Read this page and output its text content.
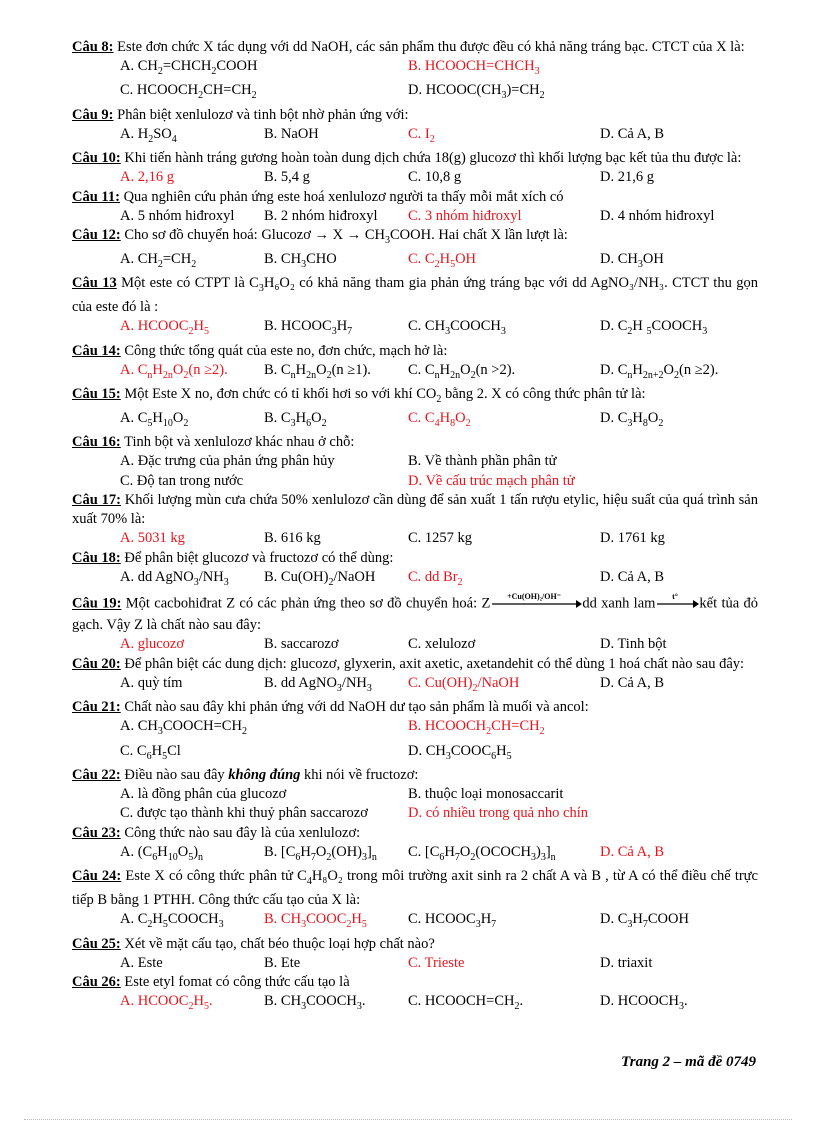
Câu 8: Este đơn chức X tác dụng với dd NaOH, các sản phẩm thu được đều có khả năng tráng bạc. CTCT của X là:
A. $CH_2=CHCH_2COOH$	B. $HCOOCH=CHCH_3$
C. $HCOOCH_2CH=CH_2$	D. $HCOOC(CH_3)=CH_2$
Câu 9: Phân biệt xenlulozơ và tinh bột nhờ phản ứng với:
A. $H_2SO_4$	B. NaOH	C. $I_2$	D. Cả A, B
Câu 10: Khi tiến hành tráng gương hoàn toàn dung dịch chứa 18(g) glucozơ thì khối lượng bạc kết tủa thu được là:
A. 2,16 g	B. 5,4 g	C. 10,8 g	D. 21,6 g
Câu 11: Qua nghiên cứu phản ứng este hoá xenlulozơ người ta thấy mỗi mắt xích có
A. 5 nhóm hiđroxyl	B. 2 nhóm hiđroxyl	C. 3 nhóm hiđroxyl	D. 4 nhóm hiđroxyl
Câu 12: Cho sơ đồ chuyển hoá: Glucozơ → $X \to CH_3COOH$. Hai chất X lần lượt là:
A. $CH_2=CH_2$	B. $CH_3CHO$	C. $C_2H_5OH$	D. $CH_3OH$
Câu 13 Một este có CTPT là $C_3H_6O_2$ có khả năng tham gia phản ứng tráng bạc với dd AgNO₃/NH₃. CTCT thu gọn của este đó là :
A. $HCOOC_2H_5$	B. $HCOOC_3H_7$	C. $CH_3COOCH_3$	D. $C_2H$ $_5COOCH_3$
Câu 14: Công thức tổng quát của este no, đơn chức, mạch hở là:
A. $C_nH_{2n}O_2(n \ge 2)$.	B. $C_nH_{2n}O_2(n \ge 1)$.	C. $C_nH_{2n}O_2(n >2)$.	D. $C_nH_{2n+2}O_2(n \ge 2)$.
Câu 15: Một Este X no, đơn chức có tỉ khối hơi so với khí $CO_2$ bằng 2. X có công thức phân tử là:
A. $C_5H_{10}O_2$	B. $C_3H_6O_2$	C. $C_4H_8O_2$	D. $C_3H_8O_2$
Câu 16: Tinh bột và xenlulozơ khác nhau ở chỗ:
A. Đặc trưng của phản ứng phân hủy	B. Về thành phần phân tử
C. Độ tan trong nước	D. Về cấu trúc mạch phân tử
Câu 17: Khối lượng mùn cưa chứa 50% xenlulozơ cần dùng để sản xuất 1 tấn rượu etylic, hiệu suất của quá trình sản xuất 70% là:
A. 5031 kg	B. 616 kg	C. 1257 kg	D. 1761 kg
Câu 18: Để phân biệt glucozơ và fructozơ có thể dùng:
A. dd $AgNO_3/NH_3$	B. $Cu(OH)_2$/NaOH	C. dd $Br_2$	D. Cả A, B
Câu 19: Một cacbohiđrat Z có các phản ứng theo sơ đồ chuyển hoá: Z +Cu(OH)₂/OH⁻ dd xanh lam t° kết tủa đỏ gạch. Vậy Z là chất nào sau đây:
A. glucozơ	B. saccarozơ	C. xelulozơ	D. Tinh bột
Câu 20: Để phân biệt các dung dịch: glucozơ, glyxerin, axit axetic, axetandehit có thể dùng 1 hoá chất nào sau đây:
A. quỳ tím	B. dd $AgNO_3/NH_3$	C. $Cu(OH)_2$/NaOH	D. Cả A, B
Câu 21: Chất nào sau đây khi phản ứng với dd NaOH dư tạo sản phẩm là muối và ancol:
A. $CH_3COOCH=CH_2$	B. $HCOOCH_2CH=CH_2$
C. $C_6H_5Cl$	D. $CH_3COOC_6H_5$
Câu 22: Điều nào sau đây không đúng khi nói về fructozơ:
A. là đồng phân của glucozơ	B. thuộc loại monosaccarit
C. được tạo thành khi thuỷ phân saccarozơ	D. có nhiều trong quả nho chín
Câu 23: Công thức nào sau đây là của xenlulozơ:
A. $(C_6H_{10}O_5)_n$	B. $[C_6H_7O_2(OH)_3]_n$	C. $[C_6H_7O_2(OCOCH_3)_3]_n$	D. Cả A, B
Câu 24: Este X có công thức phân tử $C_4H_8O_2$ trong môi trường axit sinh ra 2 chất A và B , từ A có thể điều chế trực tiếp B bằng 1 PTHH. Công thức cấu tạo của X là:
A. $C_2H_5COOCH_3$	B. $CH_3COOC_2H_5$	C. $HCOOC_3H_7$	D. $C_3H_7COOH$
Câu 25: Xét về mặt cấu tạo, chất béo thuộc loại hợp chất nào?
A. Este	B. Ete	C. Trieste	D. triaxit
Câu 26: Este etyl fomat có công thức cấu tạo là
A. $HCOOC_2H_5$.	B. $CH_3COOCH_3$.	C. $HCOOCH=CH_2$.	D. $HCOOCH_3$.
Trang 2 – mã đề 0749
